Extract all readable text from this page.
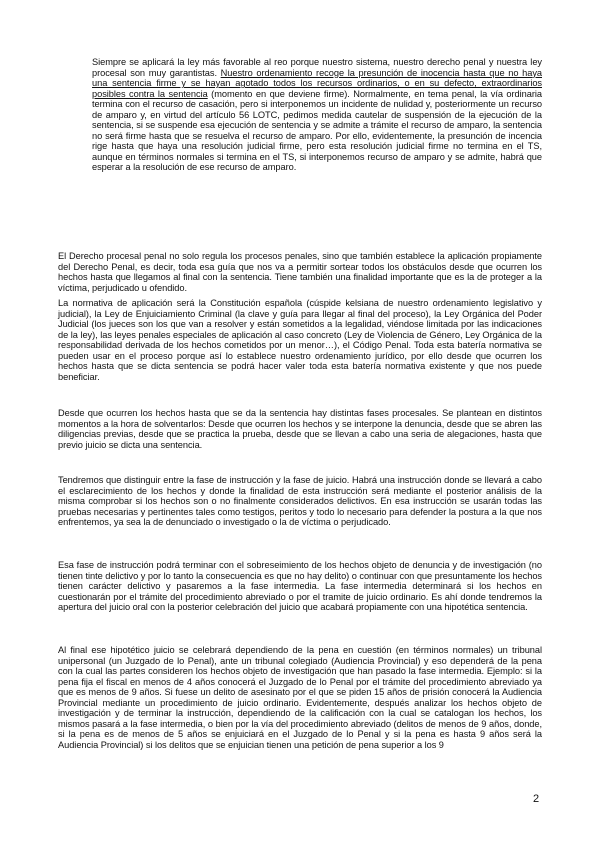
Siempre se aplicará la ley más favorable al reo porque nuestro sistema, nuestro derecho penal y nuestra ley procesal son muy garantistas. Nuestro ordenamiento recoge la presunción de inocencia hasta que no haya una sentencia firme y se hayan agotado todos los recursos ordinarios, o en su defecto, extraordinarios posibles contra la sentencia (momento en que deviene firme). Normalmente, en tema penal, la vía ordinaria termina con el recurso de casación, pero si interponemos un incidente de nulidad y, posteriormente un recurso de amparo y, en virtud del artículo 56 LOTC, pedimos medida cautelar de suspensión de la ejecución de la sentencia, si se suspende esa ejecución de sentencia y se admite a trámite el recurso de amparo, la sentencia no será firme hasta que se resuelva el recurso de amparo. Por ello, evidentemente, la presunción de incencia rige hasta que haya una resolución judicial firme, pero esta resolución judicial firme no termina en el TS, aunque en términos normales si termina en el TS, si interponemos recurso de amparo y se admite, habrá que esperar a la resolución de ese recurso de amparo.

El Derecho procesal penal no solo regula los procesos penales, sino que también establece la aplicación propiamente del Derecho Penal, es decir, toda esa guía que nos va a permitir sortear todos los obstáculos desde que ocurren los hechos hasta que llegamos al final con la sentencia. Tiene también una finalidad importante que es la de proteger a la víctima, perjudicado u ofendido.

La normativa de aplicación será la Constitución española (cúspide kelsiana de nuestro ordenamiento legislativo y judicial), la Ley de Enjuiciamiento Criminal (la clave y guía para llegar al final del proceso), la Ley Orgánica del Poder Judicial (los jueces son los que van a resolver y están sometidos a la legalidad, viéndose limitada por las indicaciones de la ley), las leyes penales especiales de aplicación al caso concreto (Ley de Violencia de Género, Ley Orgánica de la responsabilidad derivada de los hechos cometidos por un menor…), el Código Penal. Toda esta batería normativa se pueden usar en el proceso porque así lo establece nuestro ordenamiento jurídico, por ello desde que ocurren los hechos hasta que se dicta sentencia se podrá hacer valer toda esta batería normativa existente y que nos puede beneficiar.

Desde que ocurren los hechos hasta que se da la sentencia hay distintas fases procesales. Se plantean en distintos momentos a la hora de solventarlos: Desde que ocurren los hechos y se interpone la denuncia, desde que se abren las diligencias previas, desde que se practica la prueba, desde que se llevan a cabo una seria de alegaciones, hasta que previo juicio se dicta una sentencia.

Tendremos que distinguir entre la fase de instrucción y la fase de juicio. Habrá una instrucción donde se llevará a cabo el esclarecimiento de los hechos y donde la finalidad de esta instrucción será mediante el posterior análisis de la misma comprobar si los hechos son o no finalmente considerados delictivos. En esa instrucción se usarán todas las pruebas necesarias y pertinentes tales como testigos, peritos y todo lo necesario para defender la postura a la que nos enfrentemos, ya sea la de denunciado o investigado o la de víctima o perjudicado.

Esa fase de instrucción podrá terminar con el sobreseimiento de los hechos objeto de denuncia y de investigación (no tienen tinte delictivo y por lo tanto la consecuencia es que no hay delito) o continuar con que presuntamente los hechos tienen carácter delictivo y pasaremos a la fase intermedia. La fase intermedia determinará si los hechos en cuestionarán por el trámite del procedimiento abreviado o por el tramite de juicio ordinario. Es ahí donde tendremos la apertura del juicio oral con la posterior celebración del juicio que acabará propiamente con una hipotética sentencia.

Al final ese hipotético juicio se celebrará dependiendo de la pena en cuestión (en términos normales) un tribunal unipersonal (un Juzgado de lo Penal), ante un tribunal colegiado (Audiencia Provincial) y eso dependerá de la pena con la cual las partes consideren los hechos objeto de investigación que han pasado la fase intermedia. Ejemplo: si la pena fija el fiscal en menos de 4 años conocerá el Juzgado de lo Penal por el trámite del procedimiento abreviado ya que es menos de 9 años. Si fuese un delito de asesinato por el que se piden 15 años de prisión conocerá la Audiencia Provincial mediante un procedimiento de juicio ordinario. Evidentemente, después analizar los hechos objeto de investigación y de terminar la instrucción, dependiendo de la calificación con la cual se catalogan los hechos, los mismos pasará a la fase intermedia, o bien por la vía del procedimiento abreviado (delitos de menos de 9 años, donde, si la pena es de menos de 5 años se enjuiciará en el Juzgado de lo Penal y si la pena es hasta 9 años será la Audiencia Provincial) si los delitos que se enjuician tienen una petición de pena superior a los 9

2
